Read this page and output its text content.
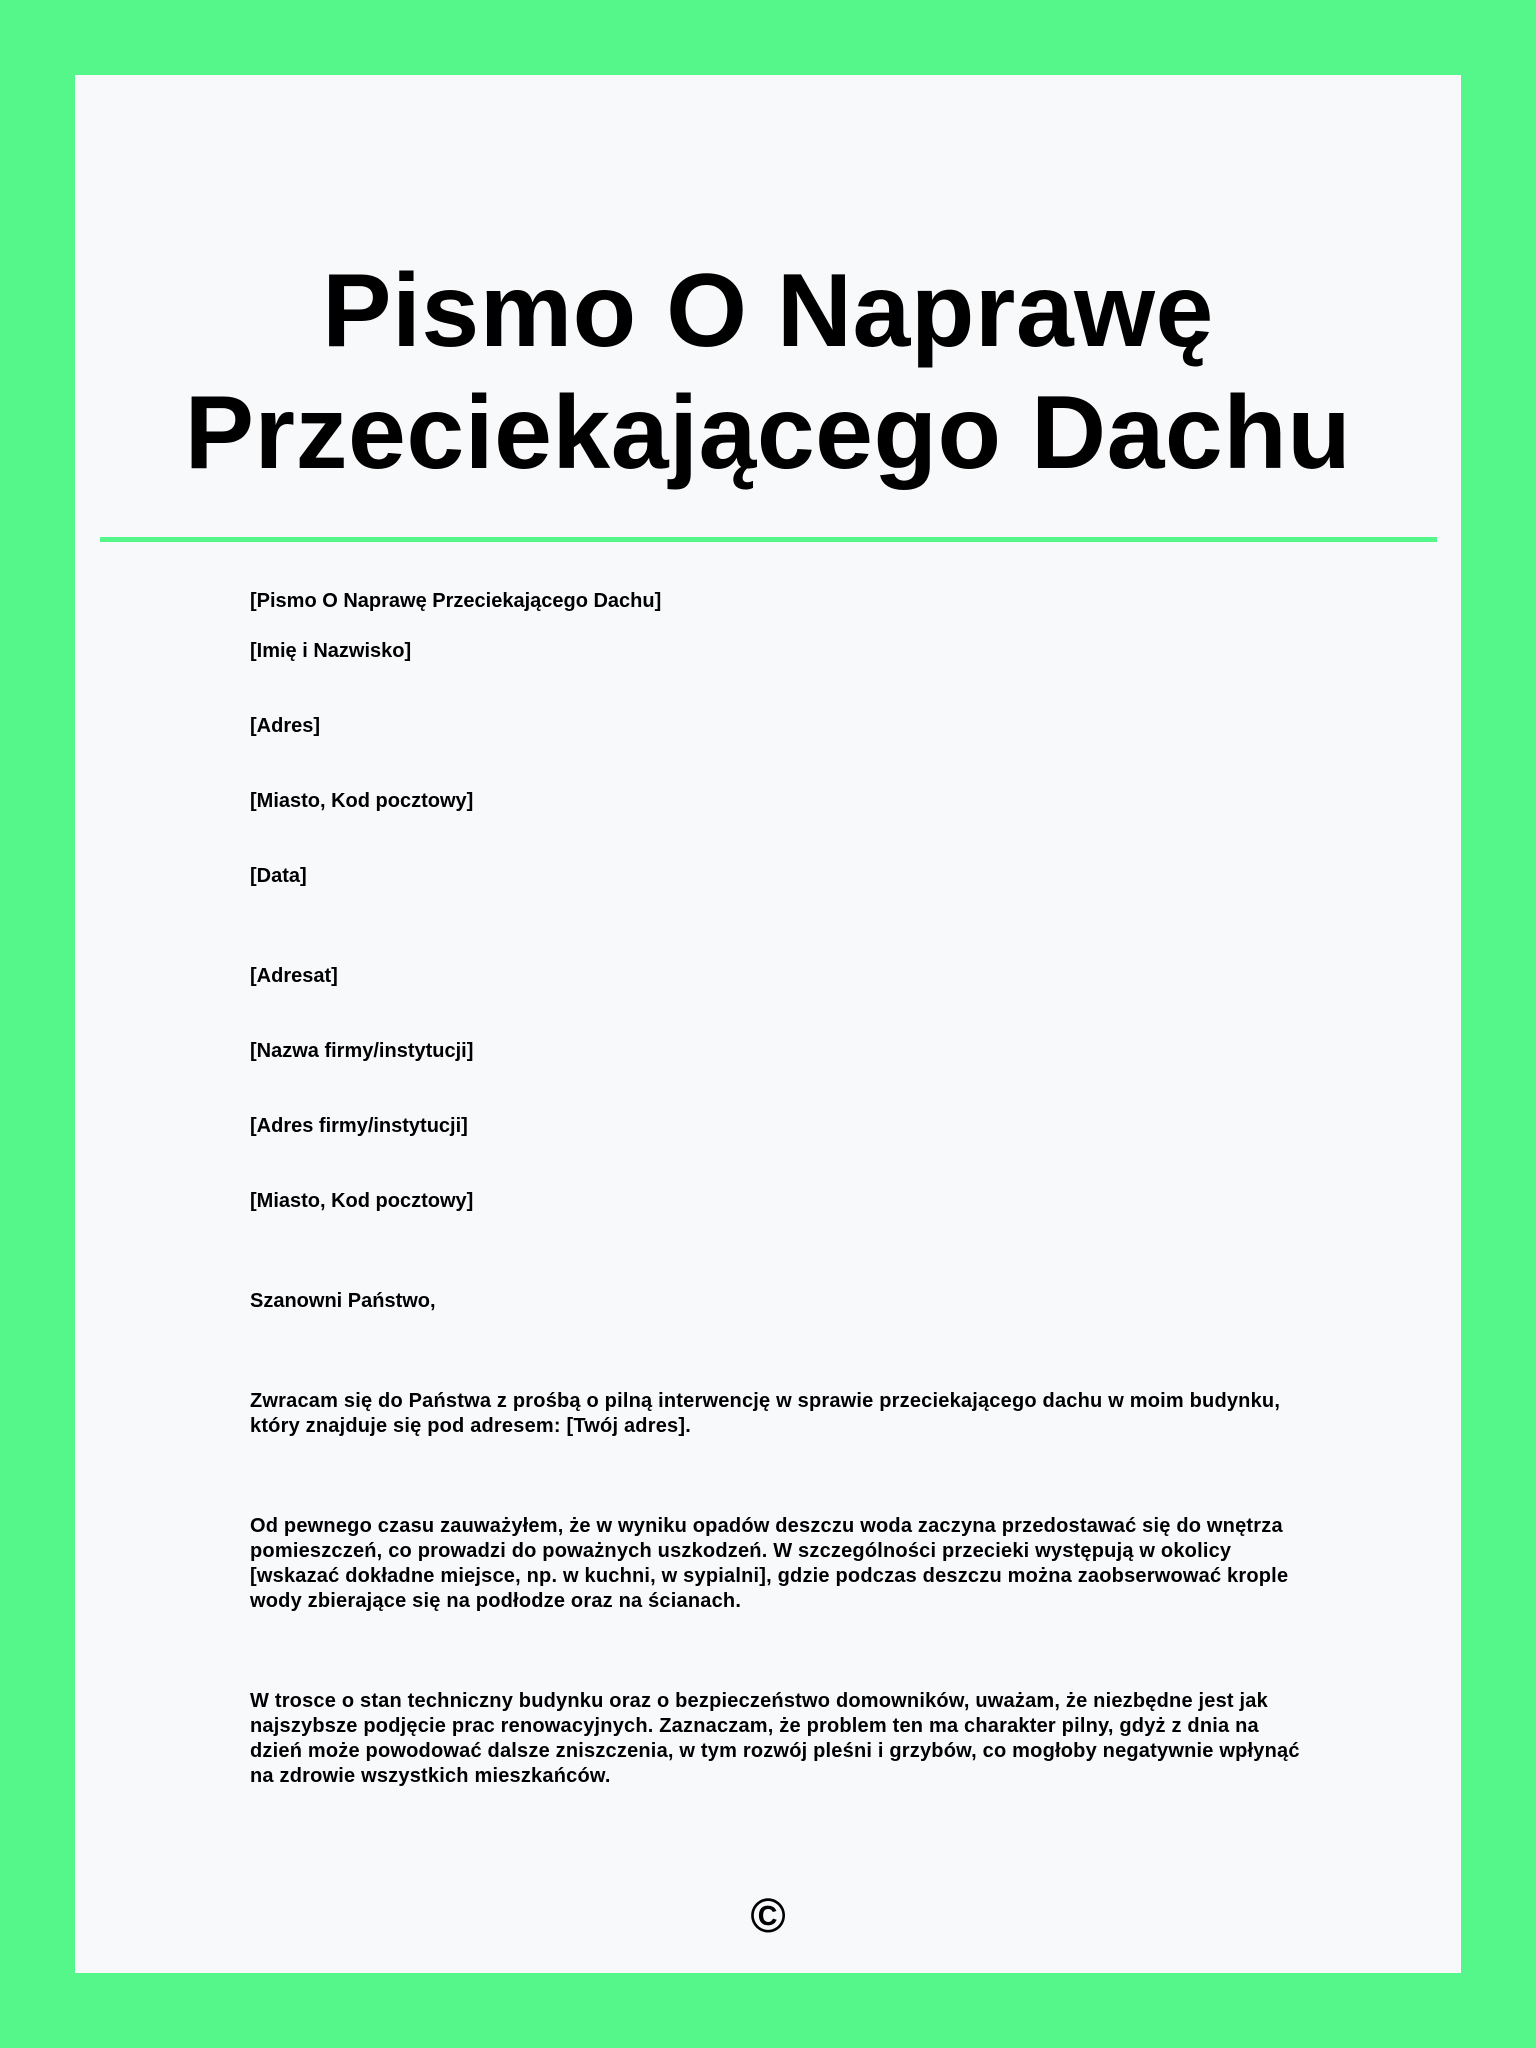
Pismo O Naprawę
Przeciekającego Dachu

[Pismo O Naprawę Przeciekającego Dachu]

[Imię i Nazwisko]

[Adres]

[Miasto, Kod pocztowy]

[Data]

[Adresat]

[Nazwa firmy/instytucji]

[Adres firmy/instytucji]

[Miasto, Kod pocztowy]

Szanowni Państwo,

Zwracam się do Państwa z prośbą o pilną interwencję w sprawie przeciekającego dachu w moim budynku, który znajduje się pod adresem: [Twój adres].

Od pewnego czasu zauważyłem, że w wyniku opadów deszczu woda zaczyna przedostawać się do wnętrza pomieszczeń, co prowadzi do poważnych uszkodzeń. W szczególności przecieki występują w okolicy [wskazać dokładne miejsce, np. w kuchni, w sypialni], gdzie podczas deszczu można zaobserwować krople wody zbierające się na podłodze oraz na ścianach.

W trosce o stan techniczny budynku oraz o bezpieczeństwo domowników, uważam, że niezbędne jest jak najszybsze podjęcie prac renowacyjnych. Zaznaczam, że problem ten ma charakter pilny, gdyż z dnia na dzień może powodować dalsze zniszczenia, w tym rozwój pleśni i grzybów, co mogłoby negatywnie wpłynąć na zdrowie wszystkich mieszkańców.

©
